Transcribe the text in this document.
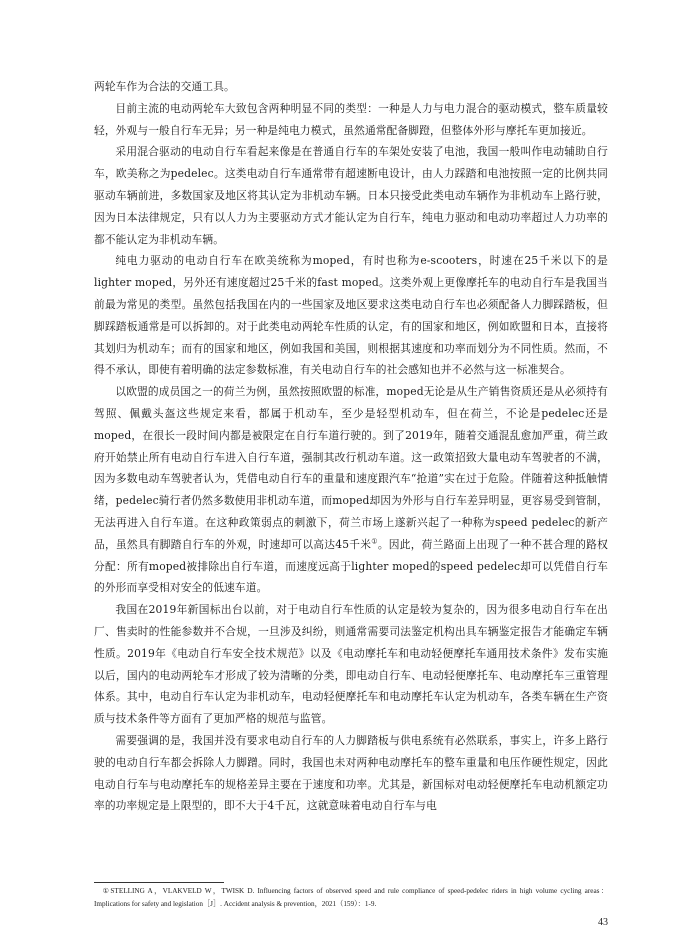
两轮车作为合法的交通工具。

目前主流的电动两轮车大致包含两种明显不同的类型：一种是人力与电力混合的驱动模式，整车质量较轻，外观与一般自行车无异；另一种是纯电力模式，虽然通常配备脚蹬，但整体外形与摩托车更加接近。

采用混合驱动的电动自行车看起来像是在普通自行车的车架处安装了电池，我国一般叫作电动辅助自行车，欧美称之为pedelec。这类电动自行车通常带有超速断电设计，由人力踩踏和电池按照一定的比例共同驱动车辆前进，多数国家及地区将其认定为非机动车辆。日本只接受此类电动车辆作为非机动车上路行驶，因为日本法律规定，只有以人力为主要驱动方式才能认定为自行车，纯电力驱动和电动功率超过人力功率的都不能认定为非机动车辆。

纯电力驱动的电动自行车在欧美统称为moped，有时也称为e-scooters，时速在25千米以下的是lighter moped，另外还有速度超过25千米的fast moped。这类外观上更像摩托车的电动自行车是我国当前最为常见的类型。虽然包括我国在内的一些国家及地区要求这类电动自行车也必须配备人力脚踩踏板，但脚踩踏板通常是可以拆卸的。对于此类电动两轮车性质的认定，有的国家和地区，例如欧盟和日本，直接将其划归为机动车；而有的国家和地区，例如我国和美国，则根据其速度和功率而划分为不同性质。然而，不得不承认，即使有着明确的法定参数标准，有关电动自行车的社会感知也并不必然与这一标准契合。

以欧盟的成员国之一的荷兰为例，虽然按照欧盟的标准，moped无论是从生产销售资质还是从必须持有驾照、佩戴头盔这些规定来看，都属于机动车，至少是轻型机动车，但在荷兰，不论是pedelec还是moped，在很长一段时间内都是被限定在自行车道行驶的。到了2019年，随着交通混乱愈加严重，荷兰政府开始禁止所有电动自行车进入自行车道，强制其改行机动车道。这一政策招致大量电动车驾驶者的不满，因为多数电动车驾驶者认为，凭借电动自行车的重量和速度跟汽车“抢道”实在过于危险。伴随着这种抵触情绪，pedelec骑行者仍然多数使用非机动车道，而moped却因为外形与自行车差异明显，更容易受到管制，无法再进入自行车道。在这种政策弱点的刺激下，荷兰市场上遂新兴起了一种称为speed pedelec的新产品，虽然具有脚踏自行车的外观，时速却可以高达45千米①。因此，荷兰路面上出现了一种不甚合理的路权分配：所有moped被排除出自行车道，而速度远高于lighter moped的speed pedelec却可以凭借自行车的外形而享受相对安全的低速车道。

我国在2019年新国标出台以前，对于电动自行车性质的认定是较为复杂的，因为很多电动自行车在出厂、售卖时的性能参数并不合规，一旦涉及纠纷，则通常需要司法鉴定机构出具车辆鉴定报告才能确定车辆性质。2019年《电动自行车安全技术规范》以及《电动摩托车和电动轻便摩托车通用技术条件》发布实施以后，国内的电动两轮车才形成了较为清晰的分类，即电动自行车、电动轻便摩托车、电动摩托车三重管理体系。其中，电动自行车认定为非机动车，电动轻便摩托车和电动摩托车认定为机动车，各类车辆在生产资质与技术条件等方面有了更加严格的规范与监管。

需要强调的是，我国并没有要求电动自行车的人力脚踏板与供电系统有必然联系，事实上，许多上路行驶的电动自行车都会拆除人力脚蹭。同时，我国也未对两种电动摩托车的整车重量和电压作硬性规定，因此电动自行车与电动摩托车的规格差异主要在于速度和功率。尤其是，新国标对电动轻便摩托车电动机额定功率的功率规定是上限型的，即不大于4千瓦，这就意味着电动自行车与电

①STELLING A，VLAKVELD W，TWISK D. Influencing factors of observed speed and rule compliance of speed-pedelec riders in high volume cycling areas：Implications for safety and legislation［J］. Accident analysis & prevention，2021（159）：1-9.
43
